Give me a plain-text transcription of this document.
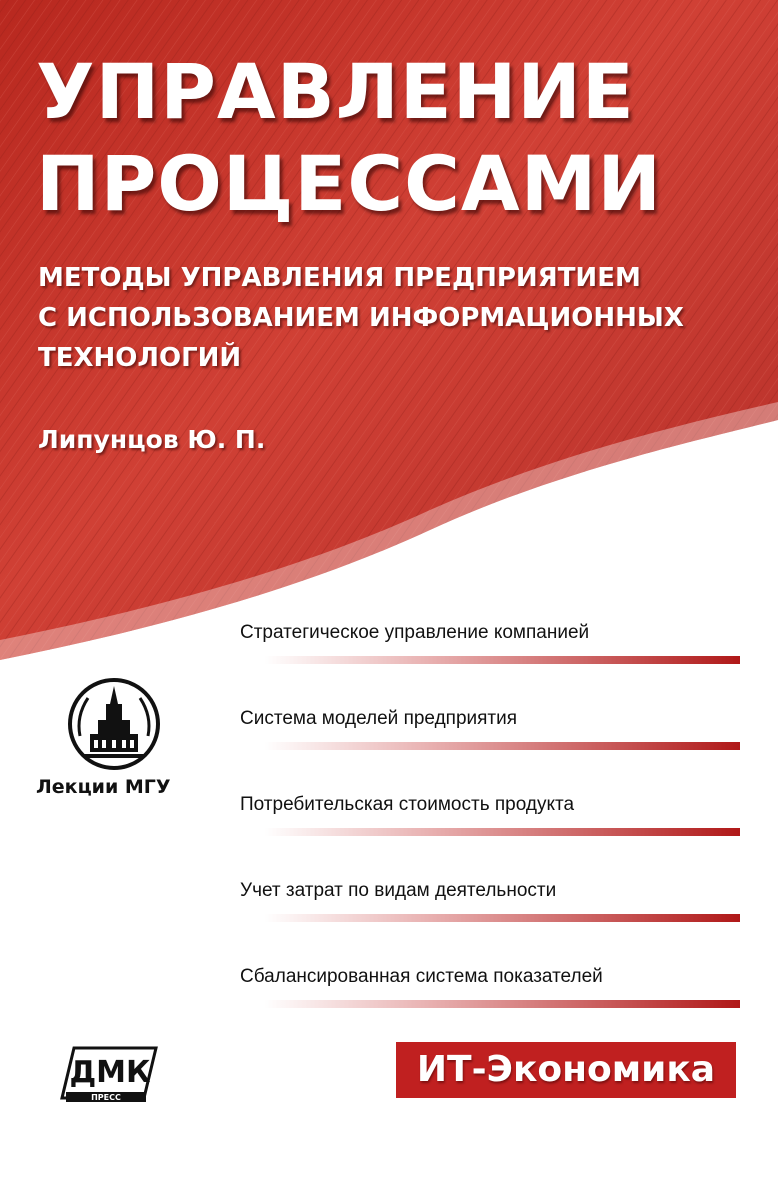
УПРАВЛЕНИЕ
ПРОЦЕССАМИ
МЕТОДЫ УПРАВЛЕНИЯ ПРЕДПРИЯТИЕМ
С ИСПОЛЬЗОВАНИЕМ ИНФОРМАЦИОННЫХ
ТЕХНОЛОГИЙ
Липунцов Ю. П.
Стратегическое управление компанией
Система моделей предприятия
Потребительская стоимость продукта
Учет затрат по видам деятельности
Сбалансированная система показателей
Лекции МГУ
ДМК
ПРЕСС
ИТ-Экономика
